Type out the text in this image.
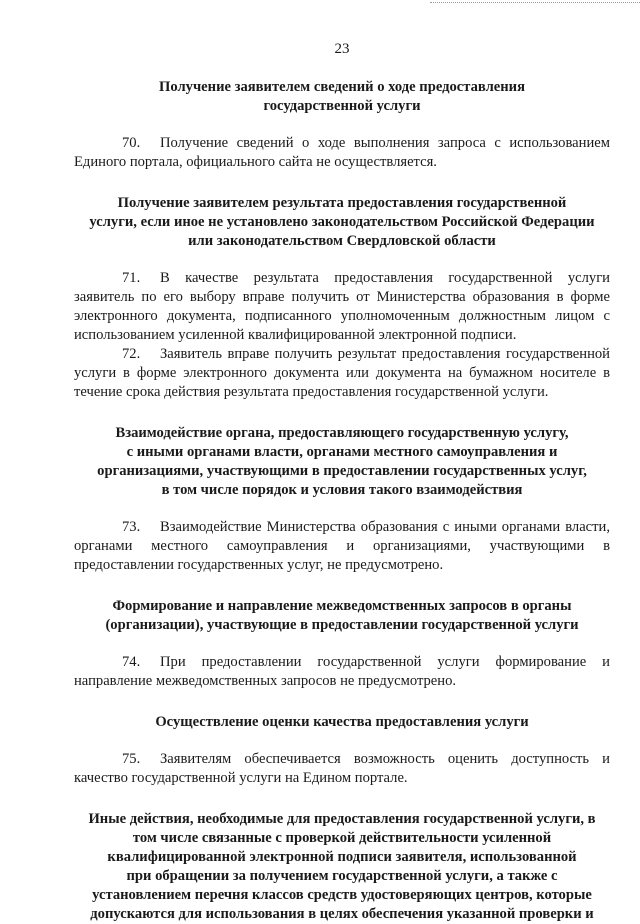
23
Получение заявителем сведений о ходе предоставления
государственной услуги

70. Получение сведений о ходе выполнения запроса с использованием Единого портала, официального сайта не осуществляется.

Получение заявителем результата предоставления государственной
услуги, если иное не установлено законодательством Российской Федерации
или законодательством Свердловской области

71. В качестве результата предоставления государственной услуги заявитель по его выбору вправе получить от Министерства образования в форме электронного документа, подписанного уполномоченным должностным лицом с использованием усиленной квалифицированной электронной подписи.

72. Заявитель вправе получить результат предоставления государственной услуги в форме электронного документа или документа на бумажном носителе в течение срока действия результата предоставления государственной услуги.

Взаимодействие органа, предоставляющего государственную услугу,
с иными органами власти, органами местного самоуправления и
организациями, участвующими в предоставлении государственных услуг,
в том числе порядок и условия такого взаимодействия

73. Взаимодействие Министерства образования с иными органами власти, органами местного самоуправления и организациями, участвующими в предоставлении государственных услуг, не предусмотрено.

Формирование и направление межведомственных запросов в органы
(организации), участвующие в предоставлении государственной услуги

74. При предоставлении государственной услуги формирование и направление межведомственных запросов не предусмотрено.

Осуществление оценки качества предоставления услуги

75. Заявителям обеспечивается возможность оценить доступность и качество государственной услуги на Едином портале.

Иные действия, необходимые для предоставления государственной услуги, в
том числе связанные с проверкой действительности усиленной
квалифицированной электронной подписи заявителя, использованной
при обращении за получением государственной услуги, а также с
установлением перечня классов средств удостоверяющих центров, которые
допускаются для использования в целях обеспечения указанной проверки и
